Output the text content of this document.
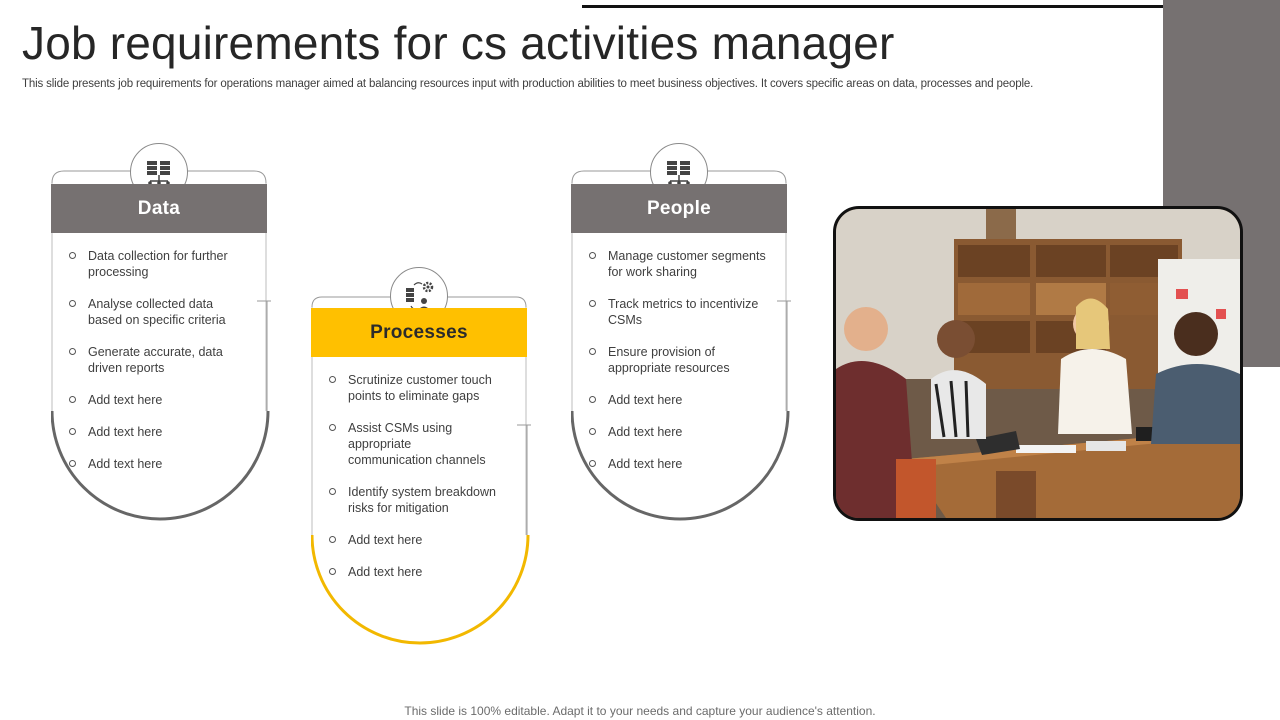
Job requirements for cs activities manager

This slide presents job requirements for operations manager aimed at balancing resources input with production abilities to meet business objectives. It covers specific areas on data, processes and people.

Data
Data collection for further processing
Analyse collected data based on specific criteria
Generate accurate, data driven reports
Add text here
Add text here
Add text here
Processes
Scrutinize customer touch points to eliminate gaps
Assist CSMs using appropriate communication channels
Identify system breakdown risks for mitigation
Add text here
Add text here
People
Manage customer segments for work sharing
Track metrics to incentivize CSMs
Ensure provision of appropriate resources
Add text here
Add text here
Add text here

This slide is 100% editable. Adapt it to your needs and capture your audience's attention.
